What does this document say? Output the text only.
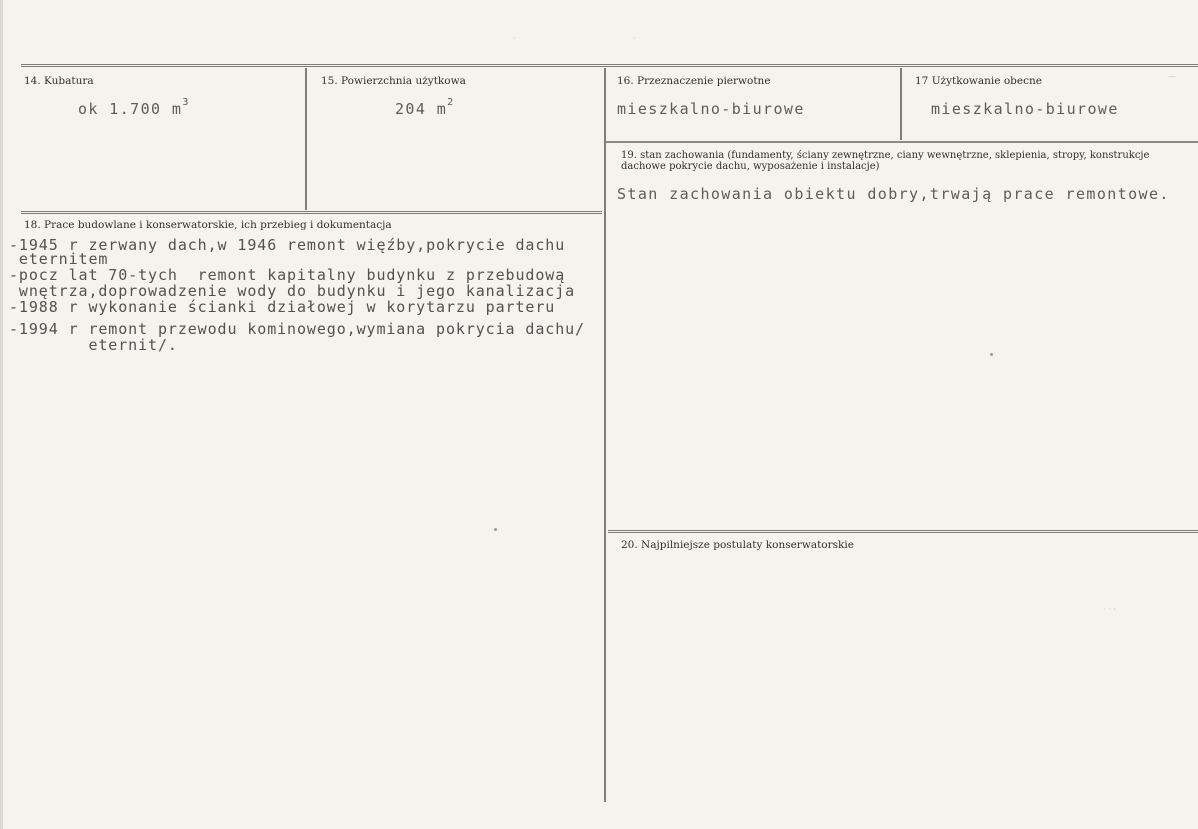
·	·
14. Kubatura
ok 1.700 $m^3$
15. Powierzchnia użytkowa
204 $m^2$
16. Przeznaczenie pierwotne
mieszkalno-biurowe
17 Użytkowanie obecne
mieszkalno-biurowe
19. stan zachowania (fundamenty, ściany zewnętrzne, ciany wewnętrzne, sklepienia, stropy, konstrukcje dachowe pokrycie dachu, wyposażenie i instalacje)
Stan zachowania obiektu dobry,trwają prace remontowe.
18. Prace budowlane i konserwatorskie, ich przebieg i dokumentacja
-1945 r zerwany dach,w 1946 remont więźby,pokrycie dachu
eternitem
-pocz lat 70-tych  remont kapitalny budynku z przebudową
wnętrza,doprowadzenie wody do budynku i jego kanalizacja
-1988 r wykonanie ścianki działowej w korytarzu parteru
-1994 r remont przewodu kominowego,wymiana pokrycia dachu/
eternit/.
20. Najpilniejsze postulaty konserwatorskie
· · ·
—
